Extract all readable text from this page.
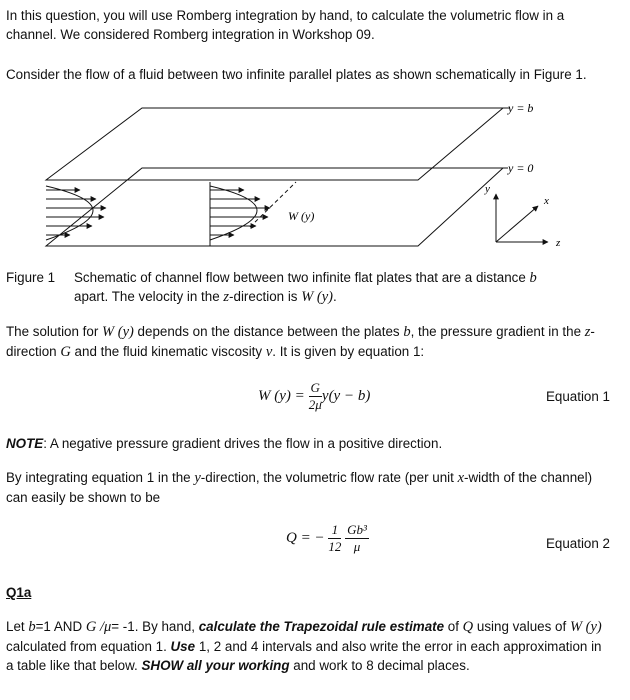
In this question, you will use Romberg integration by hand, to calculate the volumetric flow in a
channel. We considered Romberg integration in Workshop 09.
Consider the flow of a fluid between two infinite parallel plates as shown schematically in Figure 1.
W (y)
y = b
y = 0
y
x
z
Figure 1 Schematic of channel flow between two infinite flat plates that are a distance b
apart. The velocity in the z-direction is W (y).
The solution for W (y) depends on the distance between the plates b, the pressure gradient in the z-
direction G and the fluid kinematic viscosity ν. It is given by equation 1:
W $(y) = \frac{G}{2\mu} y(y - b)$	Equation 1
NOTE: A negative pressure gradient drives the flow in a positive direction.
By integrating equation 1 in the y-direction, the volumetric flow rate (per unit x-width of the channel)
can easily be shown to be
Q = − $\frac{1}{12}$
$\frac{\text{Gb³}}{\mu}$	Equation 2
Q1a
Let b=1 AND G /μ= -1. By hand, calculate the Trapezoidal rule estimate of Q using values of W (y)
calculated from equation 1. Use 1, 2 and 4 intervals and also write the error in each approximation in
a table like that below. SHOW all your working and work to 8 decimal places.
